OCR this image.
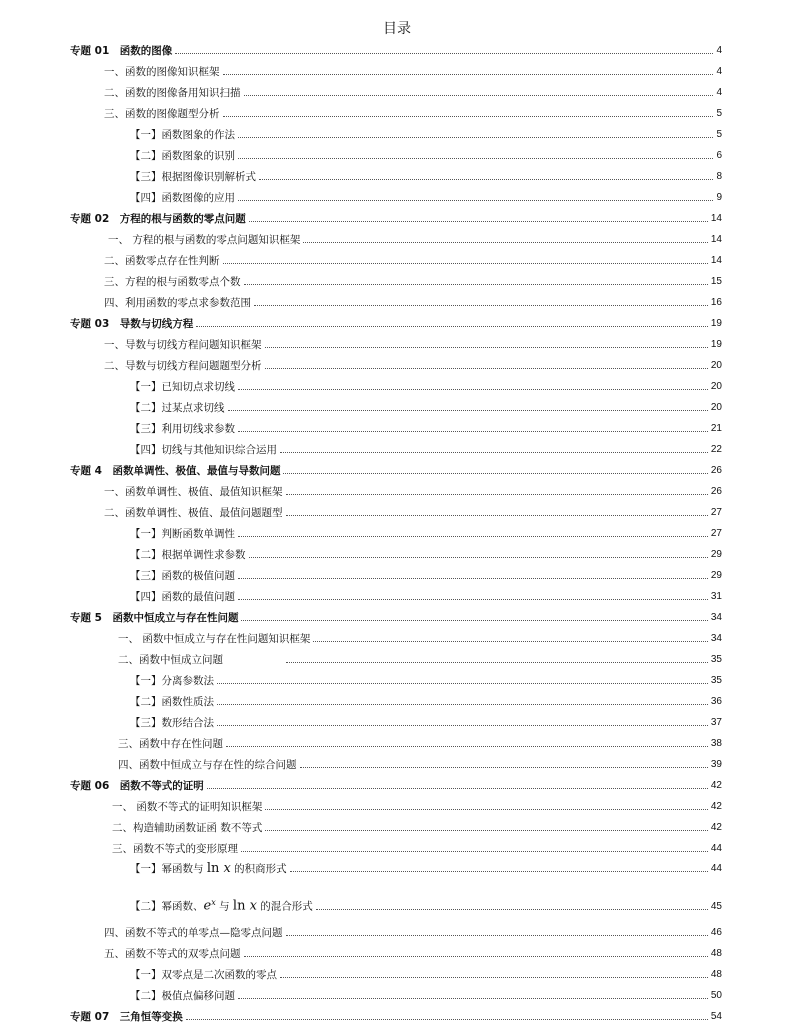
目录
专题 01　函数的图像	4
一、函数的图像知识框架	4
二、函数的图像备用知识扫描	4
三、函数的图像题型分析	5
【一】函数图象的作法	5
【二】函数图象的识别	6
【三】根据图像识别解析式	8
【四】函数图像的应用	9
专题 02　方程的根与函数的零点问题	14
一、 方程的根与函数的零点问题知识框架	14
二、函数零点存在性判断	14
三、方程的根与函数零点个数	15
四、利用函数的零点求参数范围	16
专题 03　导数与切线方程	19
一、导数与切线方程问题知识框架	19
二、导数与切线方程问题题型分析	20
【一】已知切点求切线	20
【二】过某点求切线	20
【三】利用切线求参数	21
【四】切线与其他知识综合运用	22
专题 4　函数单调性、极值、最值与导数问题	26
一、函数单调性、极值、最值知识框架	26
二、函数单调性、极值、最值问题题型	27
【一】判断函数单调性	27
【二】根据单调性求参数	29
【三】函数的极值问题	29
【四】函数的最值问题	31
专题 5　函数中恒成立与存在性问题	34
一、 函数中恒成立与存在性问题知识框架	34
二、函数中恒成立问题	35
【一】分离参数法	35
【二】函数性质法	36
【三】数形结合法	37
三、函数中存在性问题	38
四、函数中恒成立与存在性的综合问题	39
专题 06　函数不等式的证明	42
一、 函数不等式的证明知识框架	42
二、构造辅助函数证函 数不等式	42
三、函数不等式的变形原理	44
【一】幂函数与 ln x 的积商形式	44
【二】幂函数、$e^x$ 与 ln x 的混合形式	45
四、函数不等式的单零点—隐零点问题	46
五、函数不等式的双零点问题	48
【一】双零点是二次函数的零点	48
【二】极值点偏移问题	50
专题 07　三角恒等变换	54
